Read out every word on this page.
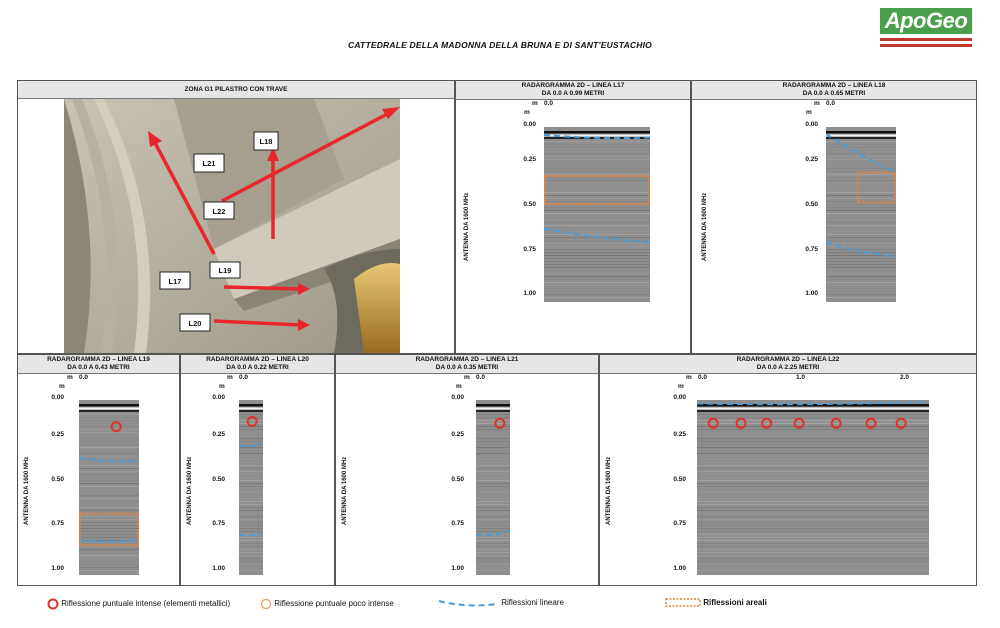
ApoGeo
CATTEDRALE DELLA MADONNA DELLA BRUNA E DI SANT'EUSTACHIO
ZONA G1 PILASTRO CON TRAVE
L18
L21
L22
L17
L19
L20
RADARGRAMMA 2D – LINEA L17
DA 0.0 A 0.99 METRI
m 0.0
m
0.00
0.25
0.50
0.75
1.00
ANTENNA DA 1600 MHz
RADARGRAMMA 2D – LINEA L18
DA 0.0 A 0.65 METRI
m 0.0
m
0.00
0.25
0.50
0.75
1.00
ANTENNA DA 1600 MHz
RADARGRAMMA 2D – LINEA L19
DA 0.0 A 0.43 METRI
m 0.0
m
0.00
0.25
0.50
0.75
1.00
ANTENNA DA 1600 MHz
RADARGRAMMA 2D – LINEA L20
DA 0.0 A 0.22 METRI
m 0.0
m
0.00
0.25
0.50
0.75
1.00
ANTENNA DA 1600 MHz
RADARGRAMMA 2D – LINEA L21
DA 0.0 A 0.35 METRI
m 0.0
m
0.00
0.25
0.50
0.75
1.00
ANTENNA DA 1600 MHz
RADARGRAMMA 2D – LINEA L22
DA 0.0 A 2.25 METRI
m 0.0	1.0	2.0
m
0.00
0.25
0.50
0.75
1.00
ANTENNA DA 1600 MHz
Riflessione puntuale intense (elementi metallici)	Riflessione puntuale poco intense	Riflessioni lineare	Riflessioni areali
